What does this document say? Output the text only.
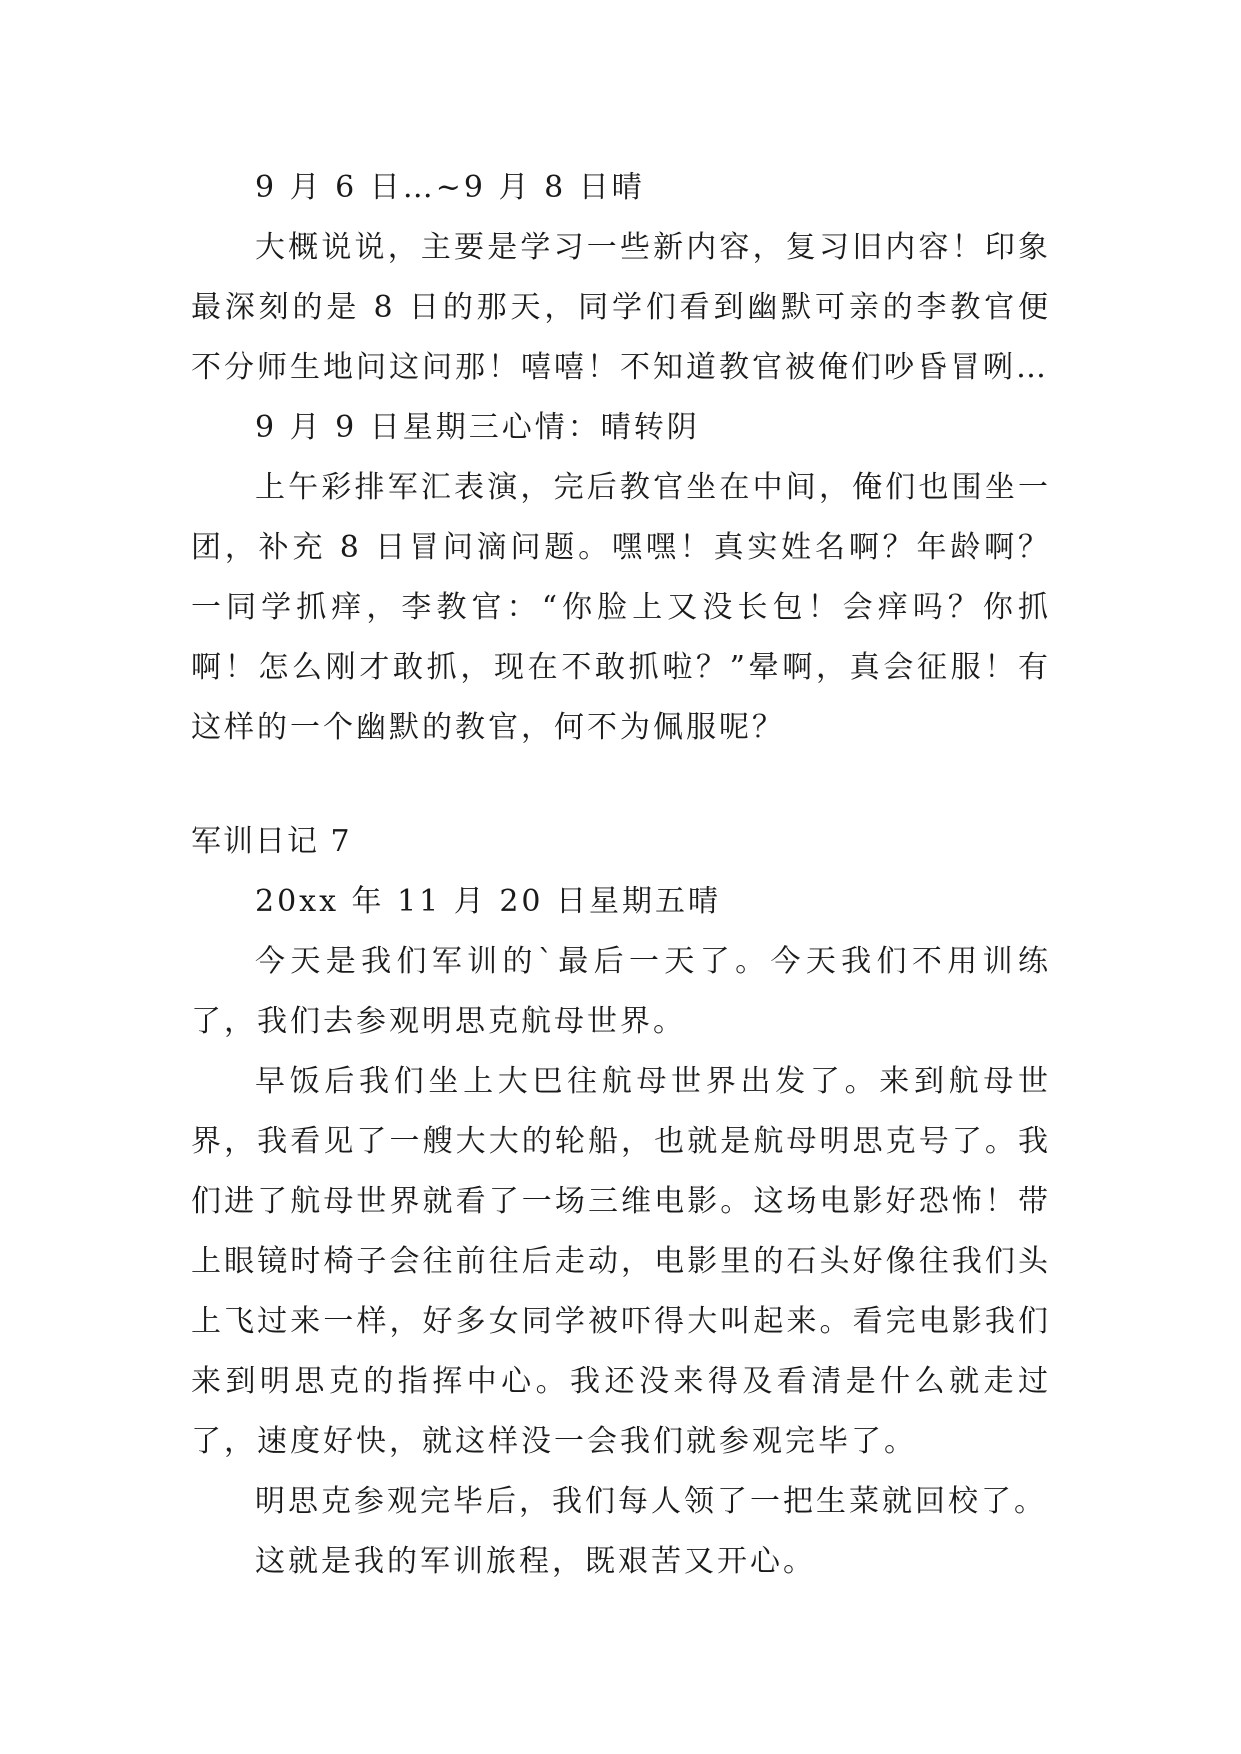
9 月 6 日…~9 月 8 日晴

大概说说，主要是学习一些新内容，复习旧内容！印象最深刻的是 8 日的那天，同学们看到幽默可亲的李教官便不分师生地问这问那！嘻嘻！不知道教官被俺们吵昏冒咧…

9 月 9 日星期三心情：晴转阴

上午彩排军汇表演，完后教官坐在中间，俺们也围坐一团，补充 8 日冒问滴问题。嘿嘿！真实姓名啊？年龄啊？一同学抓痒，李教官：“你脸上又没长包！会痒吗？你抓啊！怎么刚才敢抓，现在不敢抓啦？”晕啊，真会征服！有这样的一个幽默的教官，何不为佩服呢？

军训日记 7

20xx 年 11 月 20 日星期五晴

今天是我们军训的`最后一天了。今天我们不用训练了，我们去参观明思克航母世界。

早饭后我们坐上大巴往航母世界出发了。来到航母世界，我看见了一艘大大的轮船，也就是航母明思克号了。我们进了航母世界就看了一场三维电影。这场电影好恐怖！带上眼镜时椅子会往前往后走动，电影里的石头好像往我们头上飞过来一样，好多女同学被吓得大叫起来。看完电影我们来到明思克的指挥中心。我还没来得及看清是什么就走过了，速度好快，就这样没一会我们就参观完毕了。

明思克参观完毕后，我们每人领了一把生菜就回校了。

这就是我的军训旅程，既艰苦又开心。
